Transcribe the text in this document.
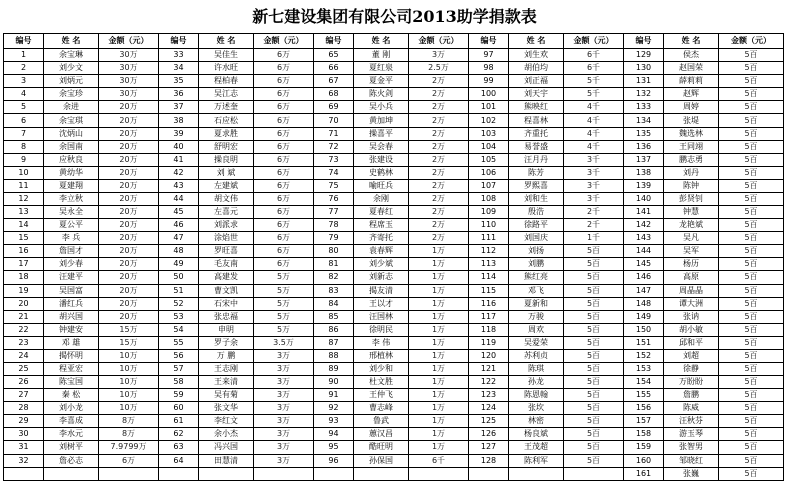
新七建设集团有限公司2013助学捐款表
编号	姓 名	金额（元）	编号	姓 名	金额（元）	编号	姓 名	金额（元）	编号	姓 名	金额（元）	编号	姓 名	金额（元）
1	余宝琳	30万	33	吴佳生	6万	65	董 刚	3万	97	刘生欢	6千	129	侯杰	5百
2	刘少文	30万	34	许水旺	6万	66	夏红泉	2.5万	98	胡伯均	6千	130	赵国荣	5百
3	刘炳元	30万	35	程柏春	6万	67	夏金平	2万	99	刘正福	5千	131	薛莉莉	5百
4	余宝珍	30万	36	吴江志	6万	68	陈火剑	2万	100	刘天宇	5千	132	赵辉	5百
5	余进	20万	37	万述奎	6万	69	吴小兵	2万	101	熊映红	4千	133	周婷	5百
6	余宝琪	20万	38	石应松	6万	70	黄加坤	2万	102	程喜林	4千	134	张堤	5百
7	沈炳山	20万	39	夏求胜	6万	71	操喜平	2万	103	齐重托	4千	135	魏选林	5百
8	余国南	20万	40	舒明宏	6万	72	吴会春	2万	104	易誉盛	4千	136	王同翊	5百
9	应秋良	20万	41	操良明	6万	73	张建设	2万	105	汪月丹	3千	137	鹏志勇	5百
10	黄幼华	20万	42	刘 斌	6万	74	史鹤林	2万	106	陈芳	3千	138	刘丹	5百
11	夏建翔	20万	43	左建斌	6万	75	喻旺兵	2万	107	罗熙喜	3千	139	陈钟	5百
12	李立秋	20万	44	胡文伟	6万	76	余刚	2万	108	刘和生	3千	140	彭贤钊	5百
13	吴永全	20万	45	左喜元	6万	77	夏春红	2万	109	殷浩	2千	141	钟慧	5百
14	夏公平	20万	46	刘派求	6万	78	程席玉	2万	110	徐路平	2千	142	龙艳斌	5百
15	李 兵	20万	47	涂焰世	6万	79	齐寄托	2万	111	刘国庆	1千	143	吴凡	5百
16	詹国才	20万	48	罗旺喜	6万	80	袁春辉	1万	112	刘扬	5百	144	吴军	5百
17	刘少春	20万	49	毛友南	6万	81	刘少斌	1万	113	刘鹏	5百	145	杨历	5百
18	汪建平	20万	50	高建发	5万	82	刘新志	1万	114	熊红亮	5百	146	高原	5百
19	吴国富	20万	51	曹文凯	5万	83	揭友清	1万	115	邓飞	5百	147	周晶晶	5百
20	潘红兵	20万	52	石宋中	5万	84	王以才	1万	116	夏新和	5百	148	谭大洲	5百
21	胡兴国	20万	53	张忠福	5万	85	汪国林	1万	117	万骏	5百	149	张讷	5百
22	钟建安	15万	54	申明	5万	86	徐明民	1万	118	周欢	5百	150	胡小敏	5百
23	邓 雄	15万	55	罗子余	3.5万	87	李 伟	1万	119	吴爱荣	5百	151	邱和平	5百
24	揭怀明	10万	56	万 鹏	3万	88	邢植林	1万	120	苏利贞	5百	152	刘超	5百
25	程亚宏	10万	57	王志刚	3万	89	刘少和	1万	121	陈琪	5百	153	徐静	5百
26	陈宝国	10万	58	王来清	3万	90	杜文胜	1万	122	孙龙	5百	154	万盼盼	5百
27	秦 松	10万	59	吴有菊	3万	91	王仲飞	1万	123	陈恩翰	5百	155	詹鹏	5百
28	刘小龙	10万	60	张文华	3万	92	曹志峰	1万	124	张坎	5百	156	陈威	5百
29	李喜成	8万	61	李红文	3万	93	鲁武	1万	125	林密	5百	157	汪秋芬	5百
30	李水元	8万	62	余小杰	3万	94	蕙汉昌	1万	126	杨良斌	5百	158	游玉琴	5百
31	刘树平	7.9799万	63	冯兴国	3万	95	酷旺明	1万	127	王茂超	5百	159	张智男	5百
32	詹必志	6万	64	田慧清	3万	96	孙保国	6千	128	陈利军	5百	160	邹晓红	5百
												161	张巍	5百
